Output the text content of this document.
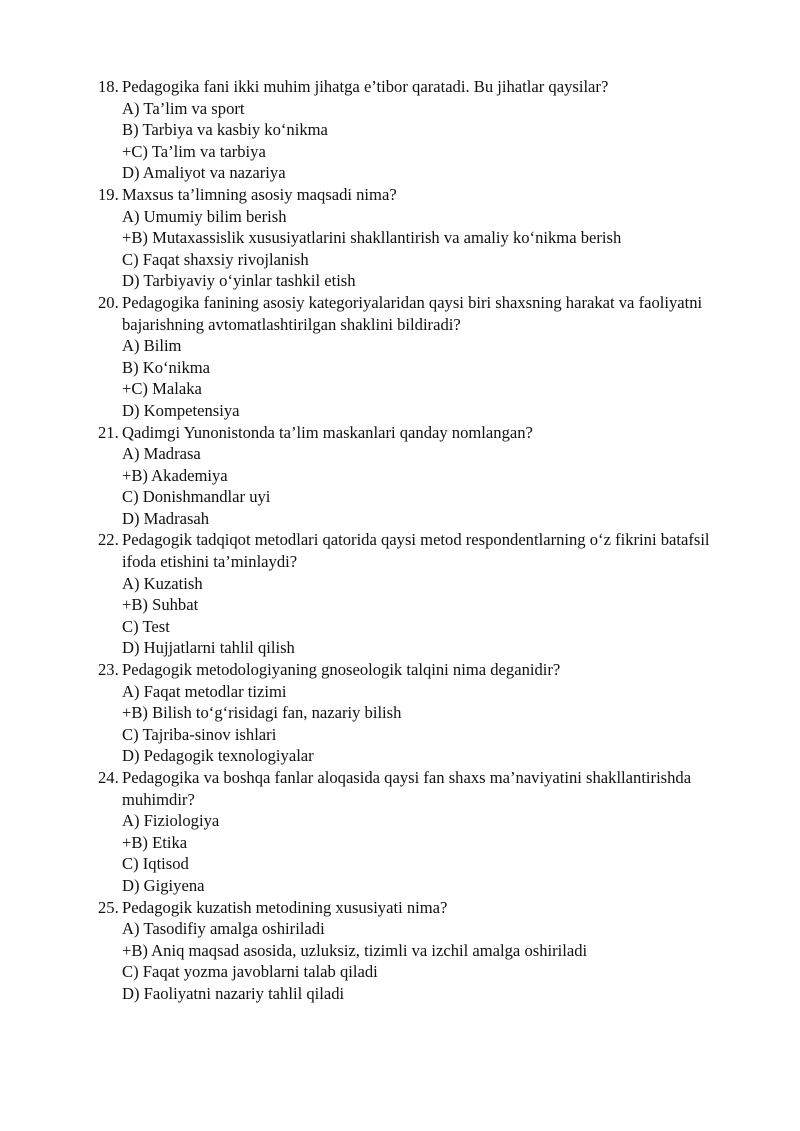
18. Pedagogika fani ikki muhim jihatga e’tibor qaratadi. Bu jihatlar qaysilar?
A) Ta’lim va sport
B) Tarbiya va kasbiy ko‘nikma
+C) Ta’lim va tarbiya
D) Amaliyot va nazariya
19. Maxsus ta’limning asosiy maqsadi nima?
A) Umumiy bilim berish
+B) Mutaxassislik xususiyatlarini shakllantirish va amaliy ko‘nikma berish
C) Faqat shaxsiy rivojlanish
D) Tarbiyaviy o‘yinlar tashkil etish
20. Pedagogika fanining asosiy kategoriyalaridan qaysi biri shaxsning harakat va faoliyatni bajarishning avtomatlashtirilgan shaklini bildiradi?
A) Bilim
B) Ko‘nikma
+C) Malaka
D) Kompetensiya
21. Qadimgi Yunonistonda ta’lim maskanlari qanday nomlangan?
A) Madrasa
+B) Akademiya
C) Donishmandlar uyi
D) Madrasah
22. Pedagogik tadqiqot metodlari qatorida qaysi metod respondentlarning o‘z fikrini batafsil ifoda etishini ta’minlaydi?
A) Kuzatish
+B) Suhbat
C) Test
D) Hujjatlarni tahlil qilish
23. Pedagogik metodologiyaning gnoseologik talqini nima deganidir?
A) Faqat metodlar tizimi
+B) Bilish to‘g‘risidagi fan, nazariy bilish
C) Tajriba-sinov ishlari
D) Pedagogik texnologiyalar
24. Pedagogika va boshqa fanlar aloqasida qaysi fan shaxs ma’naviyatini shakllantirishda muhimdir?
A) Fiziologiya
+B) Etika
C) Iqtisod
D) Gigiyena
25. Pedagogik kuzatish metodining xususiyati nima?
A) Tasodifiy amalga oshiriladi
+B) Aniq maqsad asosida, uzluksiz, tizimli va izchil amalga oshiriladi
C) Faqat yozma javoblarni talab qiladi
D) Faoliyatni nazariy tahlil qiladi
